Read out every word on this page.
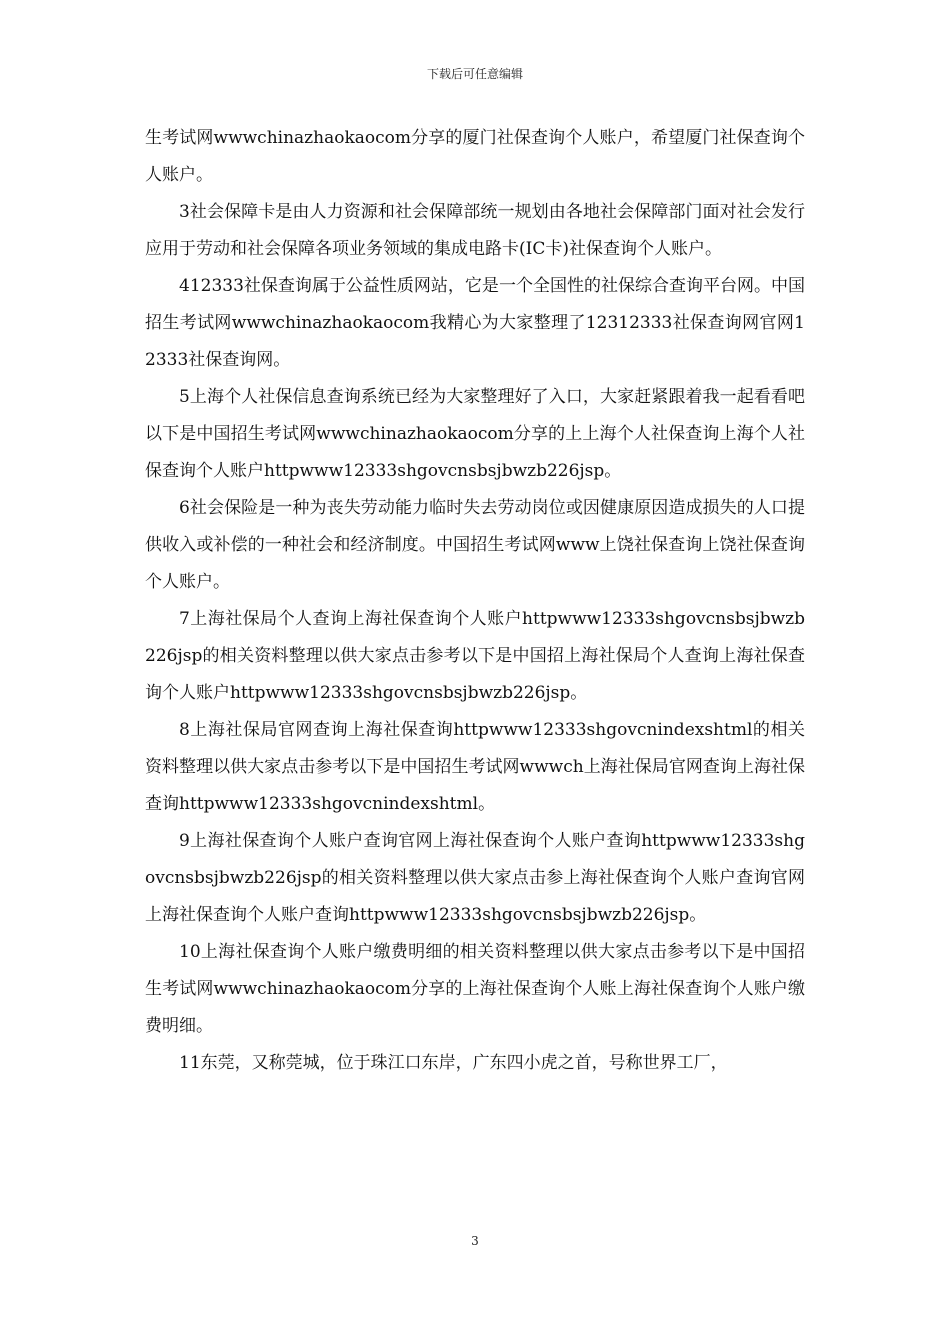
下载后可任意编辑

生考试网wwwchinazhaokaocom分享的厦门社保查询个人账户，希望厦门社保查询个人账户。

3社会保障卡是由人力资源和社会保障部统一规划由各地社会保障部门面对社会发行应用于劳动和社会保障各项业务领域的集成电路卡(IC卡)社保查询个人账户。

412333社保查询属于公益性质网站，它是一个全国性的社保综合查询平台网。中国招生考试网wwwchinazhaokaocom我精心为大家整理了12312333社保查询网官网12333社保查询网。

5上海个人社保信息查询系统已经为大家整理好了入口，大家赶紧跟着我一起看看吧以下是中国招生考试网wwwchinazhaokaocom分享的上上海个人社保查询上海个人社保查询个人账户httpwww12333shgovcnsbsjbwzb226jsp。

6社会保险是一种为丧失劳动能力临时失去劳动岗位或因健康原因造成损失的人口提供收入或补偿的一种社会和经济制度。中国招生考试网www上饶社保查询上饶社保查询个人账户。

7上海社保局个人查询上海社保查询个人账户httpwww12333shgovcnsbsjbwzb226jsp的相关资料整理以供大家点击参考以下是中国招上海社保局个人查询上海社保查询个人账户httpwww12333shgovcnsbsjbwzb226jsp。

8上海社保局官网查询上海社保查询httpwww12333shgovcnindexshtml的相关资料整理以供大家点击参考以下是中国招生考试网wwwch上海社保局官网查询上海社保查询httpwww12333shgovcnindexshtml。

9上海社保查询个人账户查询官网上海社保查询个人账户查询httpwww12333shgovcnsbsjbwzb226jsp的相关资料整理以供大家点击参上海社保查询个人账户查询官网上海社保查询个人账户查询httpwww12333shgovcnsbsjbwzb226jsp。

10上海社保查询个人账户缴费明细的相关资料整理以供大家点击参考以下是中国招生考试网wwwchinazhaokaocom分享的上海社保查询个人账上海社保查询个人账户缴费明细。

11东莞，又称莞城，位于珠江口东岸，广东四小虎之首，号称世界工厂，

3
